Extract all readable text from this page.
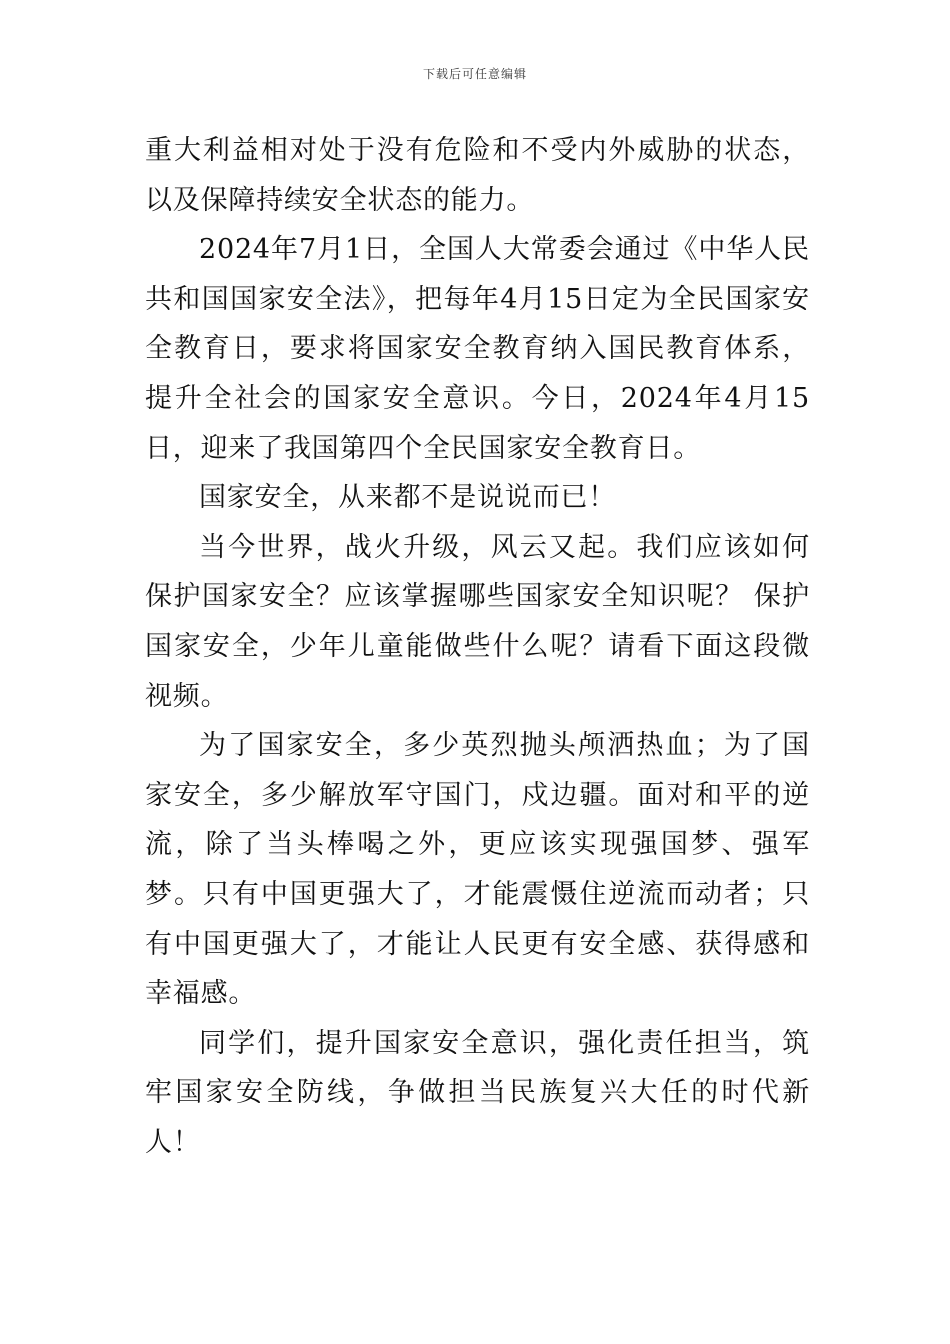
下载后可任意编辑

重大利益相对处于没有危险和不受内外威胁的状态，以及保障持续安全状态的能力。

2024年7月1日，全国人大常委会通过《中华人民共和国国家安全法》，把每年4月15日定为全民国家安全教育日，要求将国家安全教育纳入国民教育体系，提升全社会的国家安全意识。今日，2024年4月15日，迎来了我国第四个全民国家安全教育日。

国家安全，从来都不是说说而已！

当今世界，战火升级，风云又起。我们应该如何保护国家安全？应该掌握哪些国家安全知识呢？ 保护国家安全，少年儿童能做些什么呢？请看下面这段微视频。

为了国家安全，多少英烈抛头颅洒热血；为了国家安全，多少解放军守国门，戍边疆。面对和平的逆流，除了当头棒喝之外，更应该实现强国梦、强军梦。只有中国更强大了，才能震慑住逆流而动者；只有中国更强大了，才能让人民更有安全感、获得感和幸福感。

同学们，提升国家安全意识，强化责任担当，筑牢国家安全防线，争做担当民族复兴大任的时代新人！
